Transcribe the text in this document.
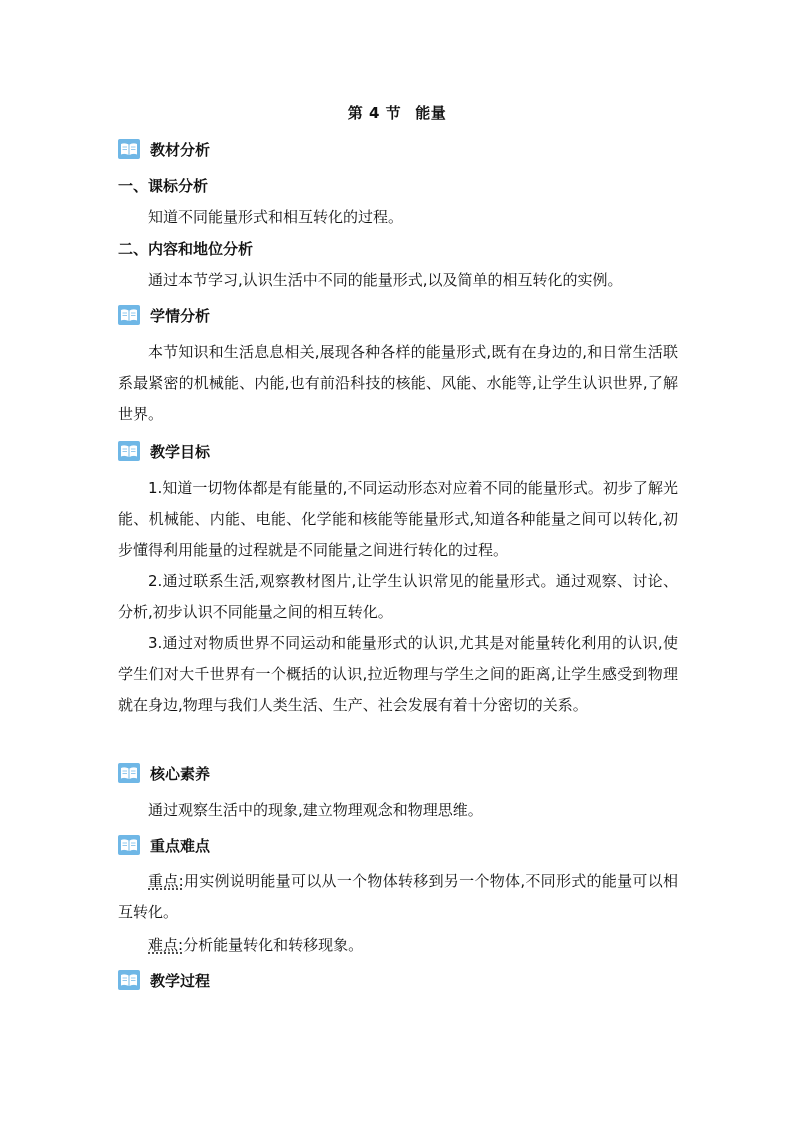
第 4 节 能量
教材分析
一、课标分析
知道不同能量形式和相互转化的过程。
二、内容和地位分析
通过本节学习,认识生活中不同的能量形式,以及简单的相互转化的实例。
学情分析
本节知识和生活息息相关,展现各种各样的能量形式,既有在身边的,和日常生活联系最紧密的机械能、内能,也有前沿科技的核能、风能、水能等,让学生认识世界,了解世界。
教学目标
1.知道一切物体都是有能量的,不同运动形态对应着不同的能量形式。初步了解光能、机械能、内能、电能、化学能和核能等能量形式,知道各种能量之间可以转化,初步懂得利用能量的过程就是不同能量之间进行转化的过程。
2.通过联系生活,观察教材图片,让学生认识常见的能量形式。通过观察、讨论、分析,初步认识不同能量之间的相互转化。
3.通过对物质世界不同运动和能量形式的认识,尤其是对能量转化利用的认识,使学生们对大千世界有一个概括的认识,拉近物理与学生之间的距离,让学生感受到物理就在身边,物理与我们人类生活、生产、社会发展有着十分密切的关系。
核心素养
通过观察生活中的现象,建立物理观念和物理思维。
重点难点
重点:用实例说明能量可以从一个物体转移到另一个物体,不同形式的能量可以相互转化。
难点:分析能量转化和转移现象。
教学过程
